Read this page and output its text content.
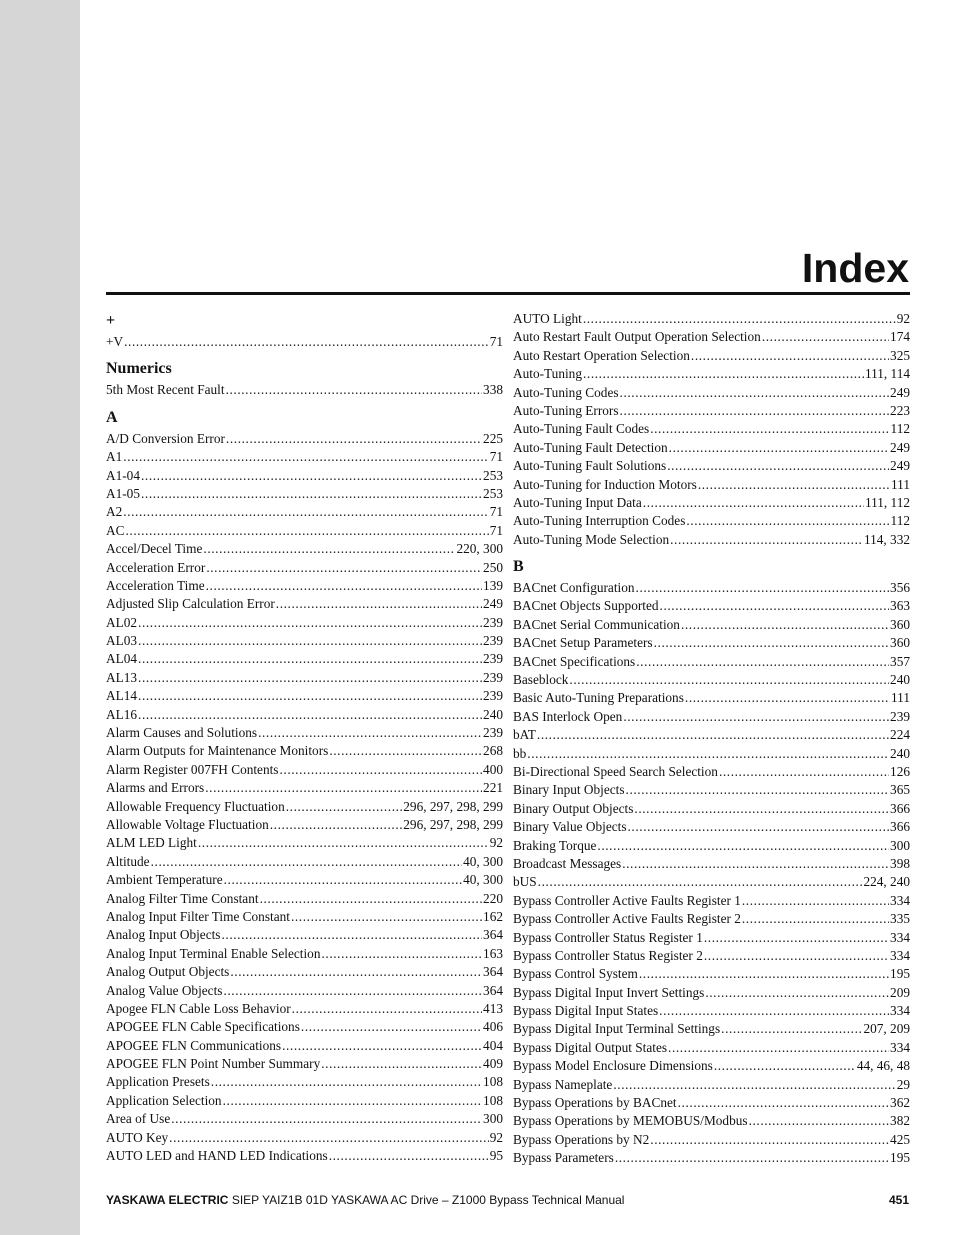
Index
+
+V .....	71
Numerics
5th Most Recent Fault .....	338
A
A/D Conversion Error .....	225
A1 .....	71
A1-04 .....	253
A1-05 .....	253
A2 .....	71
AC .....	71
Accel/Decel Time .....	220, 300
Acceleration Error .....	250
Acceleration Time .....	139
Adjusted Slip Calculation Error .....	249
AL02 .....	239
AL03 .....	239
AL04 .....	239
AL13 .....	239
AL14 .....	239
AL16 .....	240
Alarm Causes and Solutions .....	239
Alarm Outputs for Maintenance Monitors .....	268
Alarm Register 007FH Contents .....	400
Alarms and Errors .....	221
Allowable Frequency Fluctuation .....	296, 297, 298, 299
Allowable Voltage Fluctuation .....	296, 297, 298, 299
ALM LED Light .....	92
Altitude .....	40, 300
Ambient Temperature .....	40, 300
Analog Filter Time Constant .....	220
Analog Input Filter Time Constant .....	162
Analog Input Objects .....	364
Analog Input Terminal Enable Selection .....	163
Analog Output Objects .....	364
Analog Value Objects .....	364
Apogee FLN Cable Loss Behavior .....	413
APOGEE FLN Cable Specifications .....	406
APOGEE FLN Communications .....	404
APOGEE FLN Point Number Summary .....	409
Application Presets .....	108
Application Selection .....	108
Area of Use .....	300
AUTO Key .....	92
AUTO LED and HAND LED Indications .....	95
AUTO Light .....	92
Auto Restart Fault Output Operation Selection .....	174
Auto Restart Operation Selection .....	325
Auto-Tuning .....	111, 114
Auto-Tuning Codes .....	249
Auto-Tuning Errors .....	223
Auto-Tuning Fault Codes .....	112
Auto-Tuning Fault Detection .....	249
Auto-Tuning Fault Solutions .....	249
Auto-Tuning for Induction Motors .....	111
Auto-Tuning Input Data .....	111, 112
Auto-Tuning Interruption Codes .....	112
Auto-Tuning Mode Selection .....	114, 332
B
BACnet Configuration .....	356
BACnet Objects Supported .....	363
BACnet Serial Communication .....	360
BACnet Setup Parameters .....	360
BACnet Specifications .....	357
Baseblock .....	240
Basic Auto-Tuning Preparations .....	111
BAS Interlock Open .....	239
bAT .....	224
bb .....	240
Bi-Directional Speed Search Selection .....	126
Binary Input Objects .....	365
Binary Output Objects .....	366
Binary Value Objects .....	366
Braking Torque .....	300
Broadcast Messages .....	398
bUS .....	224, 240
Bypass Controller Active Faults Register 1 .....	334
Bypass Controller Active Faults Register 2 .....	335
Bypass Controller Status Register 1 .....	334
Bypass Controller Status Register 2 .....	334
Bypass Control System .....	195
Bypass Digital Input Invert Settings .....	209
Bypass Digital Input States .....	334
Bypass Digital Input Terminal Settings .....	207, 209
Bypass Digital Output States .....	334
Bypass Model Enclosure Dimensions .....	44, 46, 48
Bypass Nameplate .....	29
Bypass Operations by BACnet .....	362
Bypass Operations by MEMOBUS/Modbus .....	382
Bypass Operations by N2 .....	425
Bypass Parameters .....	195
YASKAWA ELECTRIC SIEP YAIZ1B 01D YASKAWA AC Drive – Z1000 Bypass Technical Manual	451
